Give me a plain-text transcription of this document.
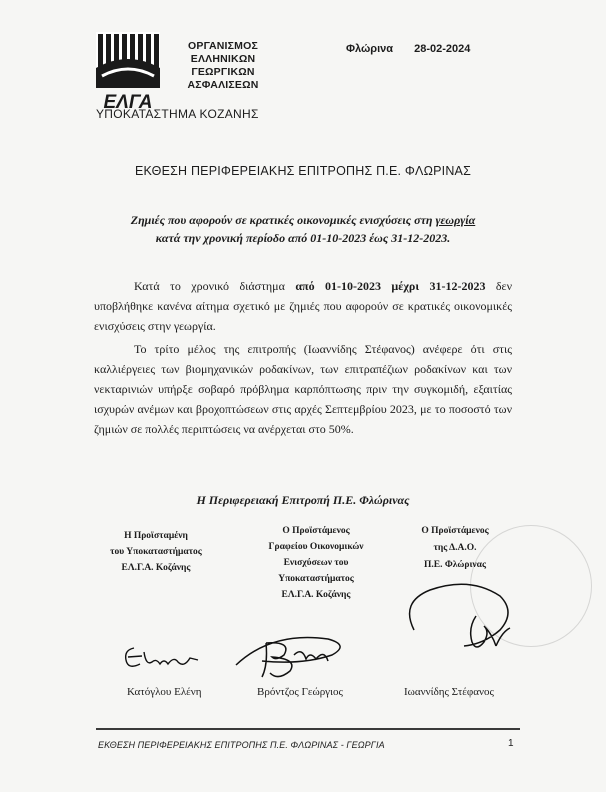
ΕΛΓΑ
ΟΡΓΑΝΙΣΜΟΣ
ΕΛΛΗΝΙΚΩΝ
ΓΕΩΡΓΙΚΩΝ
ΑΣΦΑΛΙΣΕΩΝ
ΥΠΟΚΑΤΑΣΤΗΜΑ ΚΟΖΑΝΗΣ
Φλώρινα 28-02-2024
ΕΚΘΕΣΗ ΠΕΡΙΦΕΡΕΙΑΚΗΣ ΕΠΙΤΡΟΠΗΣ Π.Ε. ΦΛΩΡΙΝΑΣ
Ζημιές που αφορούν σε κρατικές οικονομικές ενισχύσεις στη γεωργία
κατά την χρονική περίοδο από 01-10-2023 έως 31-12-2023.

Κατά το χρονικό διάστημα από 01-10-2023 μέχρι 31-12-2023 δεν υποβλήθηκε κανένα αίτημα σχετικό με ζημιές που αφορούν σε κρατικές οικονομικές ενισχύσεις στην γεωργία.

Το τρίτο μέλος της επιτροπής (Ιωαννίδης Στέφανος) ανέφερε ότι στις καλλιέργειες των βιομηχανικών ροδακίνων, των επιτραπέζιων ροδακίνων και των νεκταρινιών υπήρξε σοβαρό πρόβλημα καρπόπτωσης πριν την συγκομιδή, εξαιτίας ισχυρών ανέμων και βροχοπτώσεων στις αρχές Σεπτεμβρίου 2023, με το ποσοστό των ζημιών σε πολλές περιπτώσεις να ανέρχεται στο 50%.

Η Περιφερειακή Επιτροπή Π.Ε. Φλώρινας
Η Προϊσταμένη
του Υποκαταστήματος
ΕΛ.Γ.Α. Κοζάνης
Ο Προϊστάμενος
Γραφείου Οικονομικών
Ενισχύσεων του
Υποκαταστήματος
ΕΛ.Γ.Α. Κοζάνης
Ο Προϊστάμενος
της Δ.Α.Ο.
Π.Ε. Φλώρινας
Κατόγλου Ελένη	Βρόντζος Γεώργιος	Ιωαννίδης Στέφανος
ΕΚΘΕΣΗ ΠΕΡΙΦΕΡΕΙΑΚΗΣ ΕΠΙΤΡΟΠΗΣ Π.Ε. ΦΛΩΡΙΝΑΣ - ΓΕΩΡΓΙΑ	1
